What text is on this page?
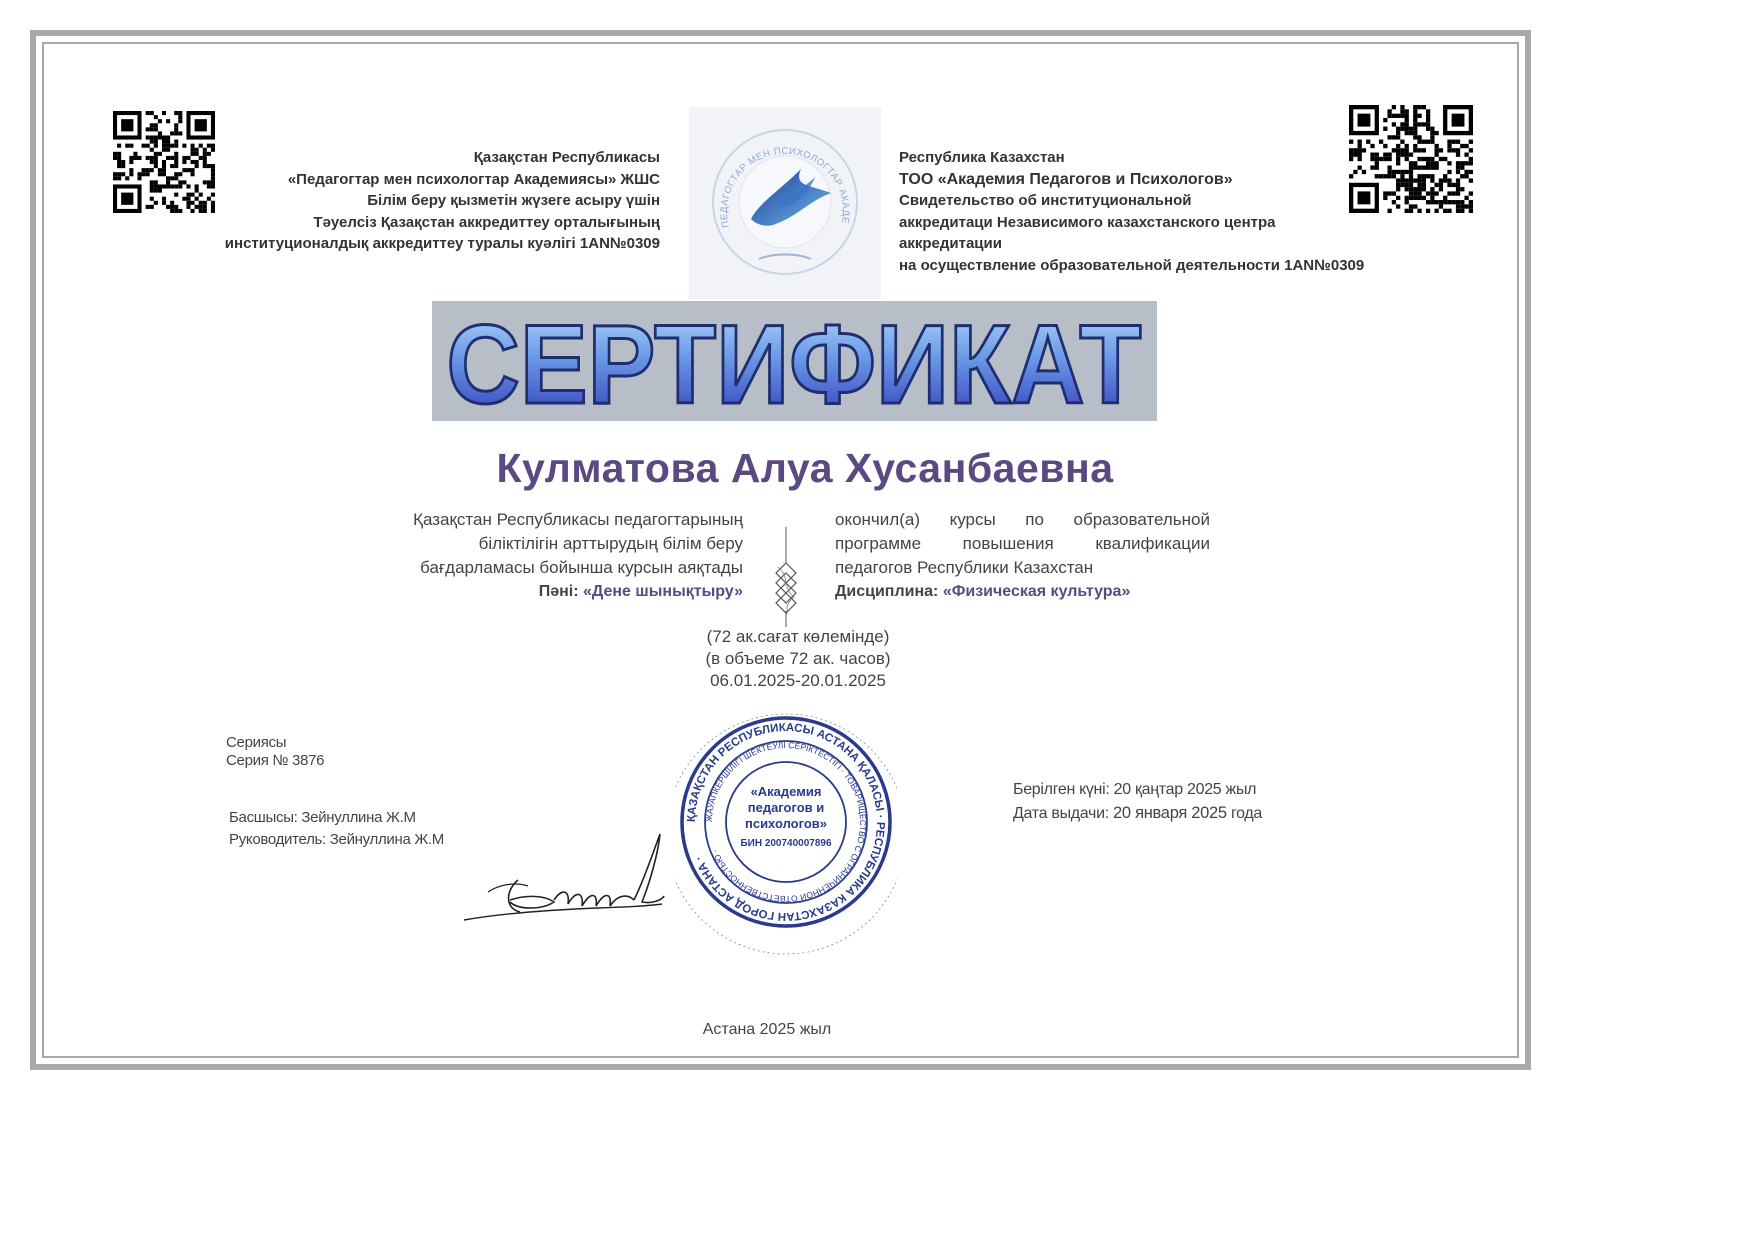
Қазақстан Республикасы
«Педагогтар мен психологтар Академиясы» ЖШС
Білім беру қызметін жүзеге асыру үшін
Тәуелсіз Қазақстан аккредиттеу орталығының
институционалдық аккредиттеу туралы куәлігі 1АN№0309
ПЕДАГОГТАР МЕН ПСИХОЛОГТАР АКАДЕ
Республика Казахстан
ТОО «Академия Педагогов и Психологов»
Свидетельство об институциональной
аккредитаци Независимого казахстанского центра
аккредитации
на осуществление образовательной деятельности 1АN№0309
СЕРТИФИКАТ
Кулматова Алуа Хусанбаевна
Қазақстан Республикасы педагогтарының
біліктілігін арттырудың білім беру
бағдарламасы бойынша курсын аяқтады
Пәні: «Дене шынықтыру»
окончил(а) курсы по образовательной программе повышения квалификации педагогов Республики Казахстан
Дисциплина: «Физическая культура»
(72 ак.сағат көлемінде)
(в объеме 72 ак. часов)
06.01.2025-20.01.2025
Сериясы
Серия № 3876
Басшысы: Зейнуллина Ж.М
Руководитель: Зейнуллина Ж.М
ҚАЗАҚСТАН РЕСПУБЛИКАСЫ АСТАНА ҚАЛАСЫ · РЕСПУБЛИКА КАЗАХСТАН ГОРОД АСТАНА ·
ЖАУАПКЕРШІЛІГІ ШЕКТЕУЛІ СЕРІКТЕСТІГІ · ТОВАРИЩЕСТВО С ОГРАНИЧЕННОЙ ОТВЕТСТВЕННОСТЬЮ ·
«Академия
педагогов и
психологов»
БИН 200740007896
Берілген күні: 20 қаңтар 2025 жыл
Дата выдачи: 20 января 2025 года
Астана 2025 жыл
